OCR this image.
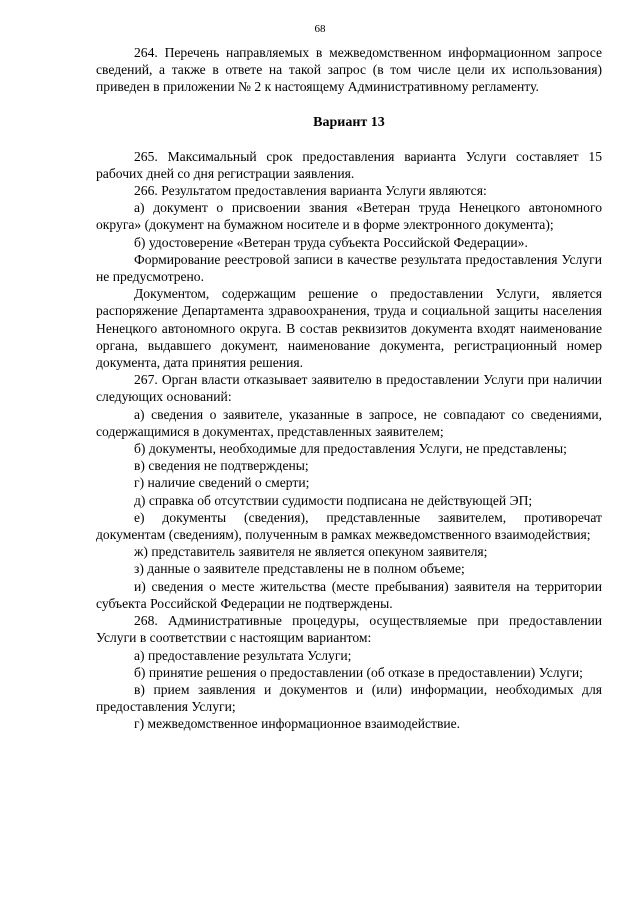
68

264. Перечень направляемых в межведомственном информационном запросе сведений, а также в ответе на такой запрос (в том числе цели их использования) приведен в приложении № 2 к настоящему Административному регламенту.

Вариант 13

265. Максимальный срок предоставления варианта Услуги составляет 15 рабочих дней со дня регистрации заявления.

266. Результатом предоставления варианта Услуги являются:

а) документ о присвоении звания «Ветеран труда Ненецкого автономного округа» (документ на бумажном носителе и в форме электронного документа);

б) удостоверение «Ветеран труда субъекта Российской Федерации».

Формирование реестровой записи в качестве результата предоставления Услуги не предусмотрено.

Документом, содержащим решение о предоставлении Услуги, является распоряжение Департамента здравоохранения, труда и социальной защиты населения Ненецкого автономного округа. В состав реквизитов документа входят наименование органа, выдавшего документ, наименование документа, регистрационный номер документа, дата принятия решения.

267. Орган власти отказывает заявителю в предоставлении Услуги при наличии следующих оснований:

а) сведения о заявителе, указанные в запросе, не совпадают со сведениями, содержащимися в документах, представленных заявителем;

б) документы, необходимые для предоставления Услуги, не представлены;

в) сведения не подтверждены;

г) наличие сведений о смерти;

д) справка об отсутствии судимости подписана не действующей ЭП;

е) документы (сведения), представленные заявителем, противоречат документам (сведениям), полученным в рамках межведомственного взаимодействия;

ж) представитель заявителя не является опекуном заявителя;

з) данные о заявителе представлены не в полном объеме;

и) сведения о месте жительства (месте пребывания) заявителя на территории субъекта Российской Федерации не подтверждены.

268. Административные процедуры, осуществляемые при предоставлении Услуги в соответствии с настоящим вариантом:

а) предоставление результата Услуги;

б) принятие решения о предоставлении (об отказе в предоставлении) Услуги;

в) прием заявления и документов и (или) информации, необходимых для предоставления Услуги;

г) межведомственное информационное взаимодействие.
